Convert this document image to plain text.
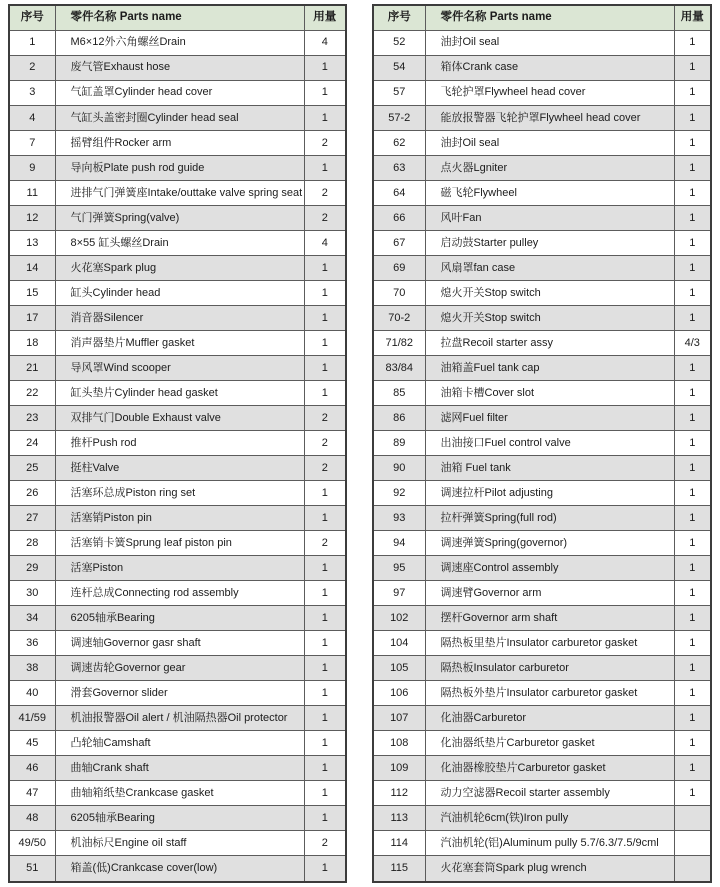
序号	零件名称 Parts name	用量
1	M6×12外六角螺丝Drain	4
2	废气管Exhaust hose	1
3	气缸盖罩Cylinder head cover	1
4	气缸头盖密封圈Cylinder head seal	1
7	摇臂组件Rocker arm	2
9	导向板Plate push rod guide	1
11	进排气门弹簧座Intake/outtake valve spring seat	2
12	气门弹簧Spring(valve)	2
13	8×55 缸头螺丝Drain	4
14	火花塞Spark plug	1
15	缸头Cylinder head	1
17	消音器Silencer	1
18	消声器垫片Muffler gasket	1
21	导风罩Wind scooper	1
22	缸头垫片Cylinder head gasket	1
23	双排气门Double Exhaust valve	2
24	推杆Push rod	2
25	挺柱Valve	2
26	活塞环总成Piston ring set	1
27	活塞销Piston pin	1
28	活塞销卡簧Sprung leaf piston pin	2
29	活塞Piston	1
30	连杆总成Connecting rod assembly	1
34	6205轴承Bearing	1
36	调速轴Governor gasr shaft	1
38	调速齿轮Governor gear	1
40	滑套Governor slider	1
41/59	机油报警器Oil alert / 机油隔热器Oil protector	1
45	凸轮轴Camshaft	1
46	曲轴Crank shaft	1
47	曲轴箱纸垫Crankcase gasket	1
48	6205轴承Bearing	1
49/50	机油标尺Engine oil staff	2
51	箱盖(低)Crankcase cover(low)	1
序号	零件名称 Parts name	用量
52	油封Oil seal	1
54	箱体Crank case	1
57	飞轮护罩Flywheel head cover	1
57-2	能放报警器飞轮护罩Flywheel head cover	1
62	油封Oil seal	1
63	点火器Lgniter	1
64	磁飞轮Flywheel	1
66	风叶Fan	1
67	启动鼓Starter pulley	1
69	风扇罩fan case	1
70	熄火开关Stop switch	1
70-2	熄火开关Stop switch	1
71/82	拉盘Recoil starter assy	4/3
83/84	油箱盖Fuel tank cap	1
85	油箱卡槽Cover slot	1
86	滤网Fuel filter	1
89	出油接口Fuel control valve	1
90	油箱 Fuel tank	1
92	调速拉杆Pilot adjusting	1
93	拉杆弹簧Spring(full rod)	1
94	调速弹簧Spring(governor)	1
95	调速座Control assembly	1
97	调速臂Governor arm	1
102	摆杆Governor arm shaft	1
104	隔热板里垫片Insulator carburetor gasket	1
105	隔热板Insulator carburetor	1
106	隔热板外垫片Insulator carburetor gasket	1
107	化油器Carburetor	1
108	化油器纸垫片Carburetor gasket	1
109	化油器橡胶垫片Carburetor gasket	1
112	动力空滤器Recoil starter assembly	1
113	汽油机轮6cm(铁)Iron pully	
114	汽油机轮(铝)Aluminum pully 5.7/6.3/7.5/9cml	
115	火花塞套筒Spark plug wrench	
